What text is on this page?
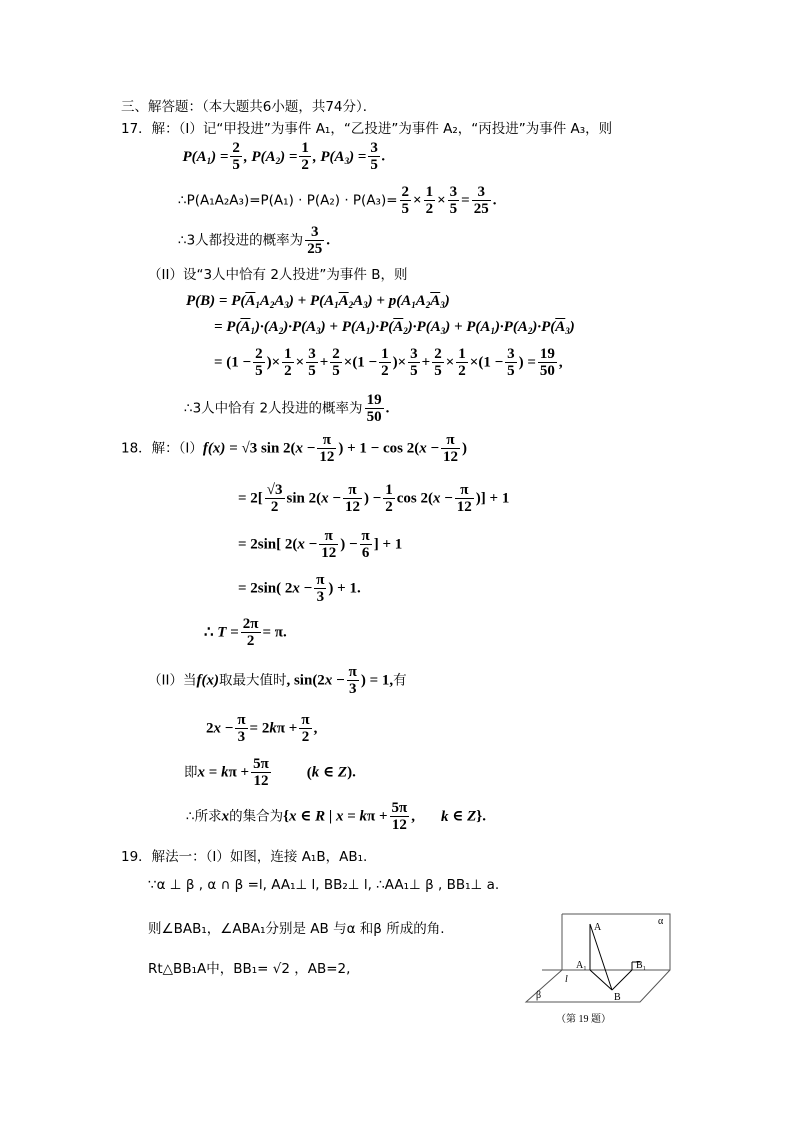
三、解答题：（本大题共6小题，共74分）．
17．解：（I）记“甲投进”为事件 A₁，“乙投进”为事件 A₂，“丙投进”为事件 A₃，则
$P(A_1) = \frac{2}{5}$ , $P(A_2) = \frac{1}{2}$ , $P(A_3) = \frac{3}{5}$ .
∴P(A₁A₂A₃)=P(A₁) · $P(A_2) \cdot P(A_3)= \frac{2}{5} \times \frac{1}{2} \times \frac{3}{5} = \frac{3}{25}$ .
∴3人都投进的概率为 $\frac{3}{25}$ .
（II）设“3人中恰有 2人投进”为事件 B，则
$P(B) = P(\overline{A}_1A_2A_3) + P(A_1\overline{A}_2A_3) + p(A_1A_2\overline{A}_3)$
= $P(\overline{A}_1)\cdot(A_2)\cdot P(A_3) + P(A_1)\cdot P(\overline{A}_2)\cdot P(A_3) + P(A_1)\cdot P(A_2)\cdot P(\overline{A}_3)$
= ($1 - \frac{2}{5}$ )× $\frac{1}{2} \times \frac{3}{5} + \frac{2}{5} \times(1 - \frac{1}{2}$ )× $\frac{3}{5} + \frac{2}{5} \times \frac{1}{2} \times(1 - \frac{3}{5}$ ) = $\frac{19}{50}$ ,
∴3人中恰有 2人投进的概率为 $\frac{19}{50}$ .
18．解：（I）f(x) = √3 $\sin 2(x - \frac{\pi}{12}$ ) + $1 - \cos 2(x - \frac{\pi}{12}$ )
= $2[ \frac{√3}{2}$ $\sin 2(x - \frac{\pi}{12}$ ) − $\frac{1}{2}$ $\cos 2(x - \frac{\pi}{12}$ )] + 1
= 2sin[ $2(x - \frac{\pi}{12}$ ) − $\frac{\pi}{6}$ ] + 1
= 2sin( $2x - \frac{\pi}{3}$ ) + 1.
∴ $T = \frac{2\pi}{2} = \pi$.
（II）当f(x)取最大值时, $\sin(2x - \frac{\pi}{3}$ ) = 1,有
$2x - \frac{\pi}{3} = 2k\pi + \frac{\pi}{2}$ ,
即$x = k\pi + \frac{5\pi}{12} (k$ ∈ Z).
∴所求x的集合为{x ∈ R | $x = k\pi + \frac{5\pi}{12}$ , k ∈ Z}.
19．解法一：（I）如图，连接 A₁B，AB₁.
∵α ⊥ β , α ∩ β =l, AA₁⊥ l, BB₂⊥ l, ∴AA₁⊥ β , BB₁⊥ a.
则∠BAB₁，∠ABA₁分别是 AB 与α 和β 所成的角.
Rt△BB₁A中，BB₁= √2 ，AB=2,
A
A₁
B
B₁
l
α
β
（第 19 题）
